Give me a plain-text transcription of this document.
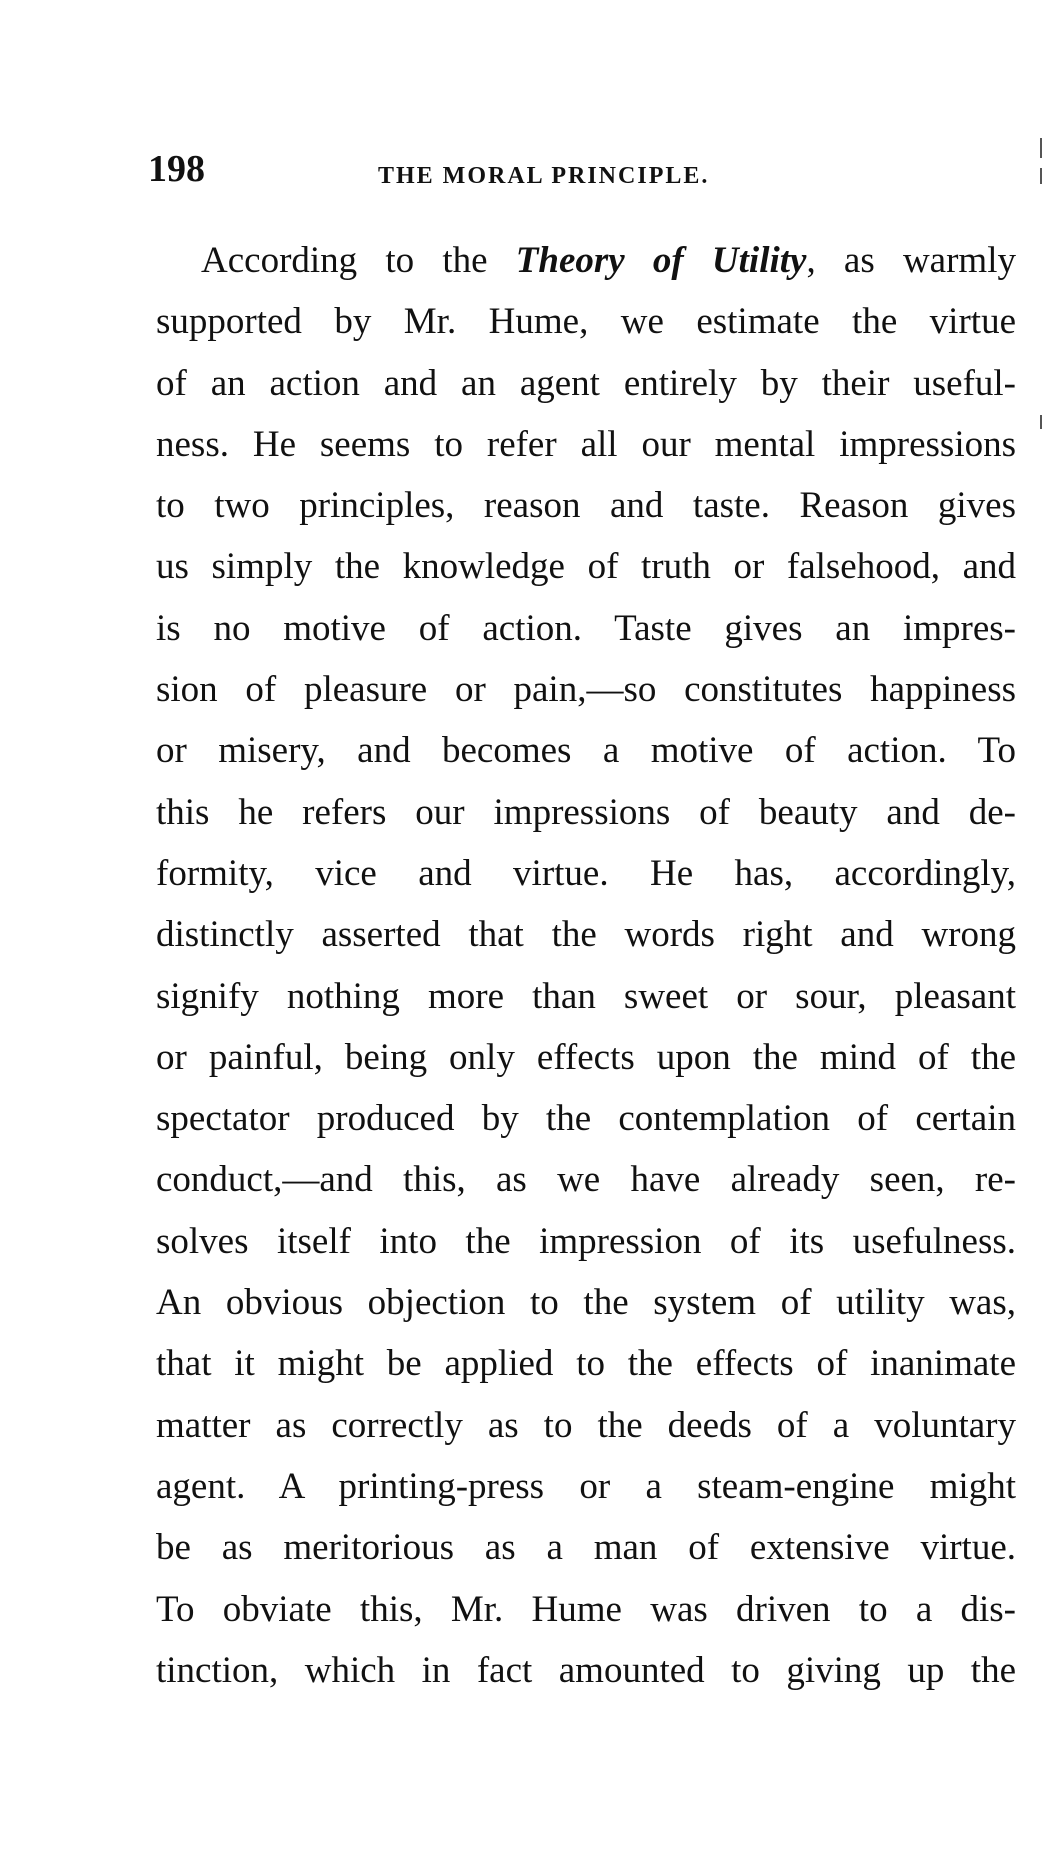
198	THE MORAL PRINCIPLE.
According to the Theory of Utility, as warmly
supported by Mr. Hume, we estimate the virtue
of an action and an agent entirely by their useful-
ness. He seems to refer all our mental impressions
to two principles, reason and taste. Reason gives
us simply the knowledge of truth or falsehood, and
is no motive of action. Taste gives an impres-
sion of pleasure or pain,—so constitutes happiness
or misery, and becomes a motive of action. To
this he refers our impressions of beauty and de-
formity, vice and virtue. He has, accordingly,
distinctly asserted that the words right and wrong
signify nothing more than sweet or sour, pleasant
or painful, being only effects upon the mind of the
spectator produced by the contemplation of certain
conduct,—and this, as we have already seen, re-
solves itself into the impression of its usefulness.
An obvious objection to the system of utility was,
that it might be applied to the effects of inanimate
matter as correctly as to the deeds of a voluntary
agent. A printing-press or a steam-engine might
be as meritorious as a man of extensive virtue.
To obviate this, Mr. Hume was driven to a dis-
tinction, which in fact amounted to giving up the
